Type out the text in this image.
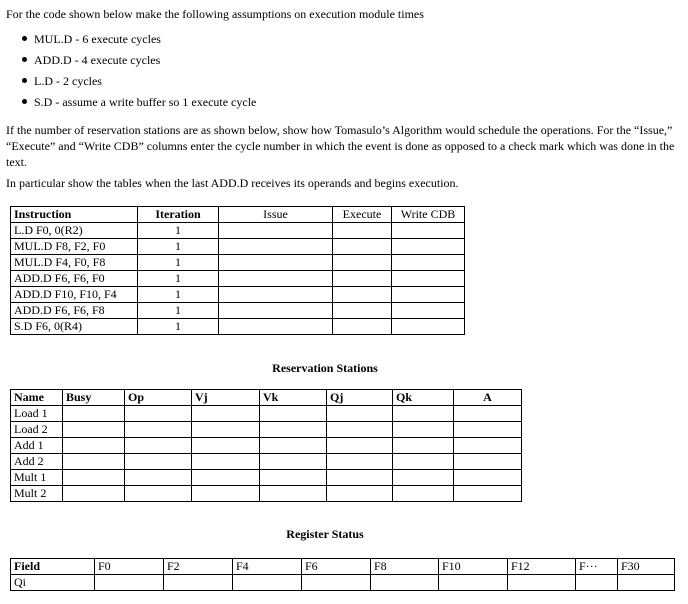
For the code shown below make the following assumptions on execution module times

MUL.D - 6 execute cycles
ADD.D - 4 execute cycles
L.D - 2 cycles
S.D - assume a write buffer so 1 execute cycle

If the number of reservation stations are as shown below, show how Tomasulo’s Algorithm would schedule the operations. For the “Issue,” “Execute” and “Write CDB” columns enter the cycle number in which the event is done as opposed to a check mark which was done in the text.

In particular show the tables when the last ADD.D receives its operands and begins execution.

Instruction	Iteration	Issue	Execute	Write CDB
L.D F0, 0(R2)	1			
MUL.D F8, F2, F0	1			
MUL.D F4, F0, F8	1			
ADD.D F6, F6, F0	1			
ADD.D F10, F10, F4	1			
ADD.D F6, F6, F8	1			
S.D F6, 0(R4)	1			
Reservation Stations
Name	Busy	Op	Vj	Vk	Qj	Qk	A
Load 1							
Load 2							
Add 1							
Add 2							
Mult 1							
Mult 2							
Register Status
Field	F0	F2	F4	F6	F8	F10	F12	F···	F30
Qi									
